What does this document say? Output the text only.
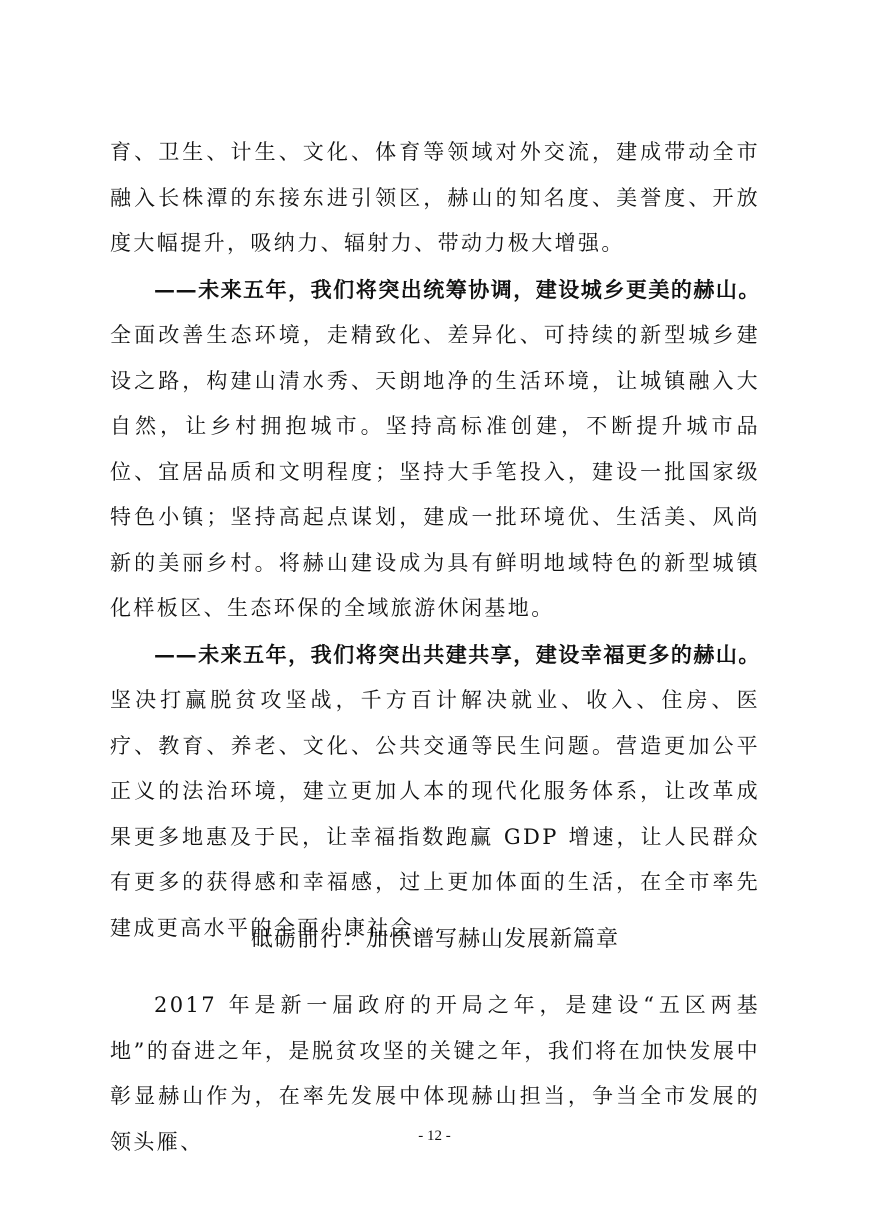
育、卫生、计生、文化、体育等领域对外交流，建成带动全市融入长株潭的东接东进引领区，赫山的知名度、美誉度、开放度大幅提升，吸纳力、辐射力、带动力极大增强。

——未来五年，我们将突出统筹协调，建设城乡更美的赫山。全面改善生态环境，走精致化、差异化、可持续的新型城乡建设之路，构建山清水秀、天朗地净的生活环境，让城镇融入大自然，让乡村拥抱城市。坚持高标准创建，不断提升城市品位、宜居品质和文明程度；坚持大手笔投入，建设一批国家级特色小镇；坚持高起点谋划，建成一批环境优、生活美、风尚新的美丽乡村。将赫山建设成为具有鲜明地域特色的新型城镇化样板区、生态环保的全域旅游休闲基地。

——未来五年，我们将突出共建共享，建设幸福更多的赫山。坚决打赢脱贫攻坚战，千方百计解决就业、收入、住房、医疗、教育、养老、文化、公共交通等民生问题。营造更加公平正义的法治环境，建立更加人本的现代化服务体系，让改革成果更多地惠及于民，让幸福指数跑赢 GDP 增速，让人民群众有更多的获得感和幸福感，过上更加体面的生活，在全市率先建成更高水平的全面小康社会。

砥砺前行：加快谱写赫山发展新篇章

2017 年是新一届政府的开局之年，是建设“五区两基地”的奋进之年，是脱贫攻坚的关键之年，我们将在加快发展中彰显赫山作为，在率先发展中体现赫山担当，争当全市发展的领头雁、	- 12 -
